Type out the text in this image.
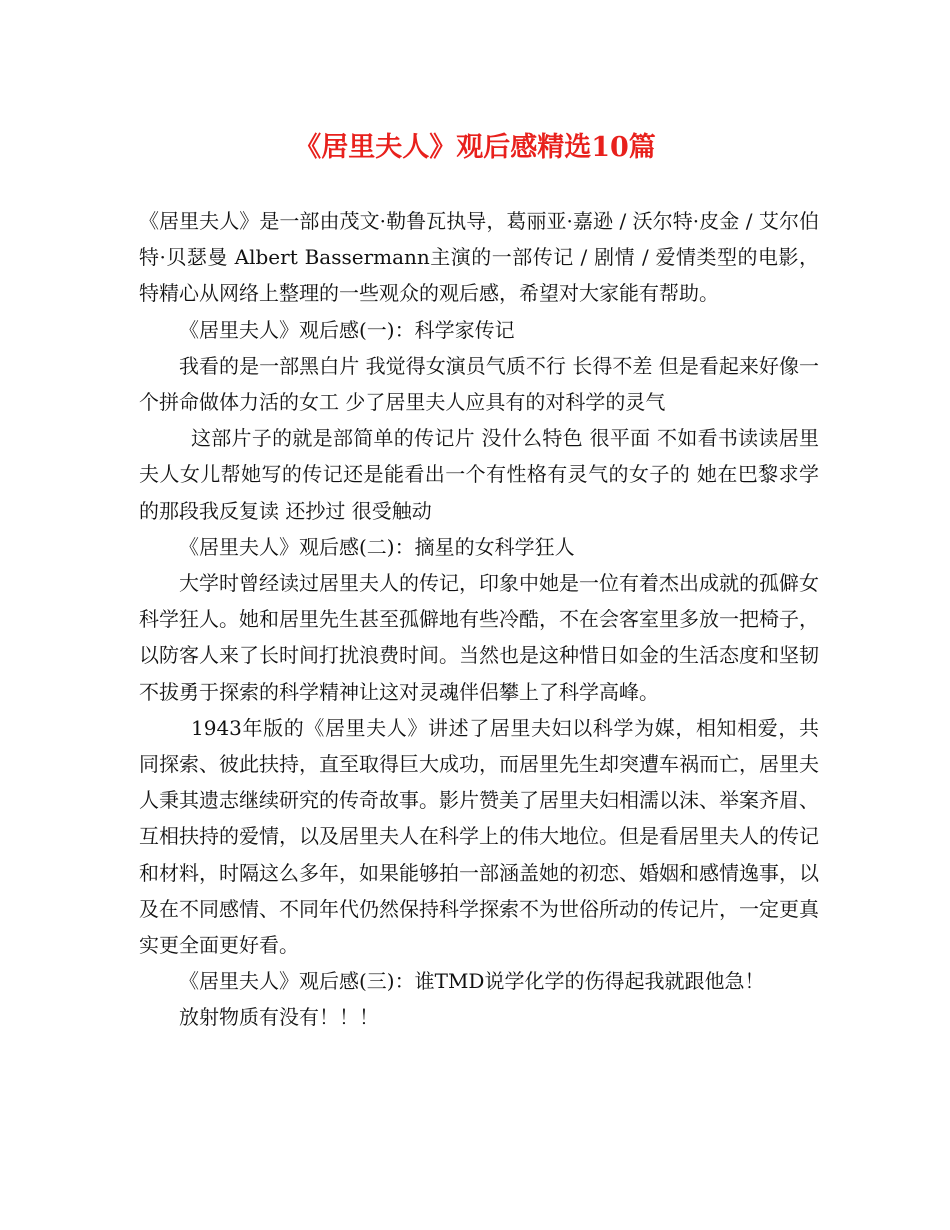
《居里夫人》观后感精选10篇

《居里夫人》是一部由茂文·勒鲁瓦执导，葛丽亚·嘉逊 / 沃尔特·皮金 / 艾尔伯特·贝瑟曼 Albert Bassermann主演的一部传记 / 剧情 / 爱情类型的电影，特精心从网络上整理的一些观众的观后感，希望对大家能有帮助。

《居里夫人》观后感(一)：科学家传记

我看的是一部黑白片 我觉得女演员气质不行 长得不差 但是看起来好像一个拼命做体力活的女工 少了居里夫人应具有的对科学的灵气

这部片子的就是部简单的传记片 没什么特色 很平面 不如看书读读居里夫人女儿帮她写的传记还是能看出一个有性格有灵气的女子的 她在巴黎求学的那段我反复读 还抄过 很受触动

《居里夫人》观后感(二)：摘星的女科学狂人

大学时曾经读过居里夫人的传记，印象中她是一位有着杰出成就的孤僻女科学狂人。她和居里先生甚至孤僻地有些冷酷，不在会客室里多放一把椅子，以防客人来了长时间打扰浪费时间。当然也是这种惜日如金的生活态度和坚韧不拔勇于探索的科学精神让这对灵魂伴侣攀上了科学高峰。

1943年版的《居里夫人》讲述了居里夫妇以科学为媒，相知相爱，共同探索、彼此扶持，直至取得巨大成功，而居里先生却突遭车祸而亡，居里夫人秉其遗志继续研究的传奇故事。影片赞美了居里夫妇相濡以沫、举案齐眉、互相扶持的爱情，以及居里夫人在科学上的伟大地位。但是看居里夫人的传记和材料，时隔这么多年，如果能够拍一部涵盖她的初恋、婚姻和感情逸事，以及在不同感情、不同年代仍然保持科学探索不为世俗所动的传记片，一定更真实更全面更好看。

《居里夫人》观后感(三)：谁TMD说学化学的伤得起我就跟他急！

放射物质有没有！！！
